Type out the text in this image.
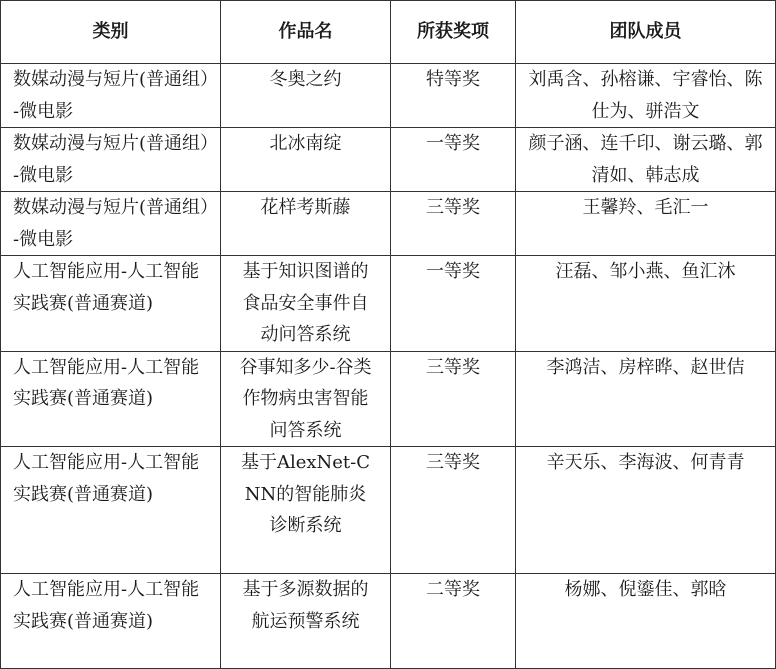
类别	作品名	所获奖项	团队成员
数媒动漫与短片(普通组）-微电影	冬奥之约	特等奖	刘禹含、孙榕谦、宇睿怡、陈仕为、骈浩文
数媒动漫与短片(普通组）-微电影	北冰南绽	一等奖	颜子涵、连千印、谢云璐、郭清如、韩志成
数媒动漫与短片(普通组）-微电影	花样考斯藤	三等奖	王馨羚、毛汇一
人工智能应用-人工智能实践赛(普通赛道)	基于知识图谱的食品安全事件自动问答系统	一等奖	汪磊、邹小燕、鱼汇沐
人工智能应用-人工智能实践赛(普通赛道)	谷事知多少-谷类作物病虫害智能问答系统	三等奖	李鸿洁、房梓晔、赵世佶
人工智能应用-人工智能实践赛(普通赛道)	基于AlexNet-CNN的智能肺炎诊断系统	三等奖	辛天乐、李海波、何青青
人工智能应用-人工智能实践赛(普通赛道)	基于多源数据的航运预警系统	二等奖	杨娜、倪鎏佳、郭晗
